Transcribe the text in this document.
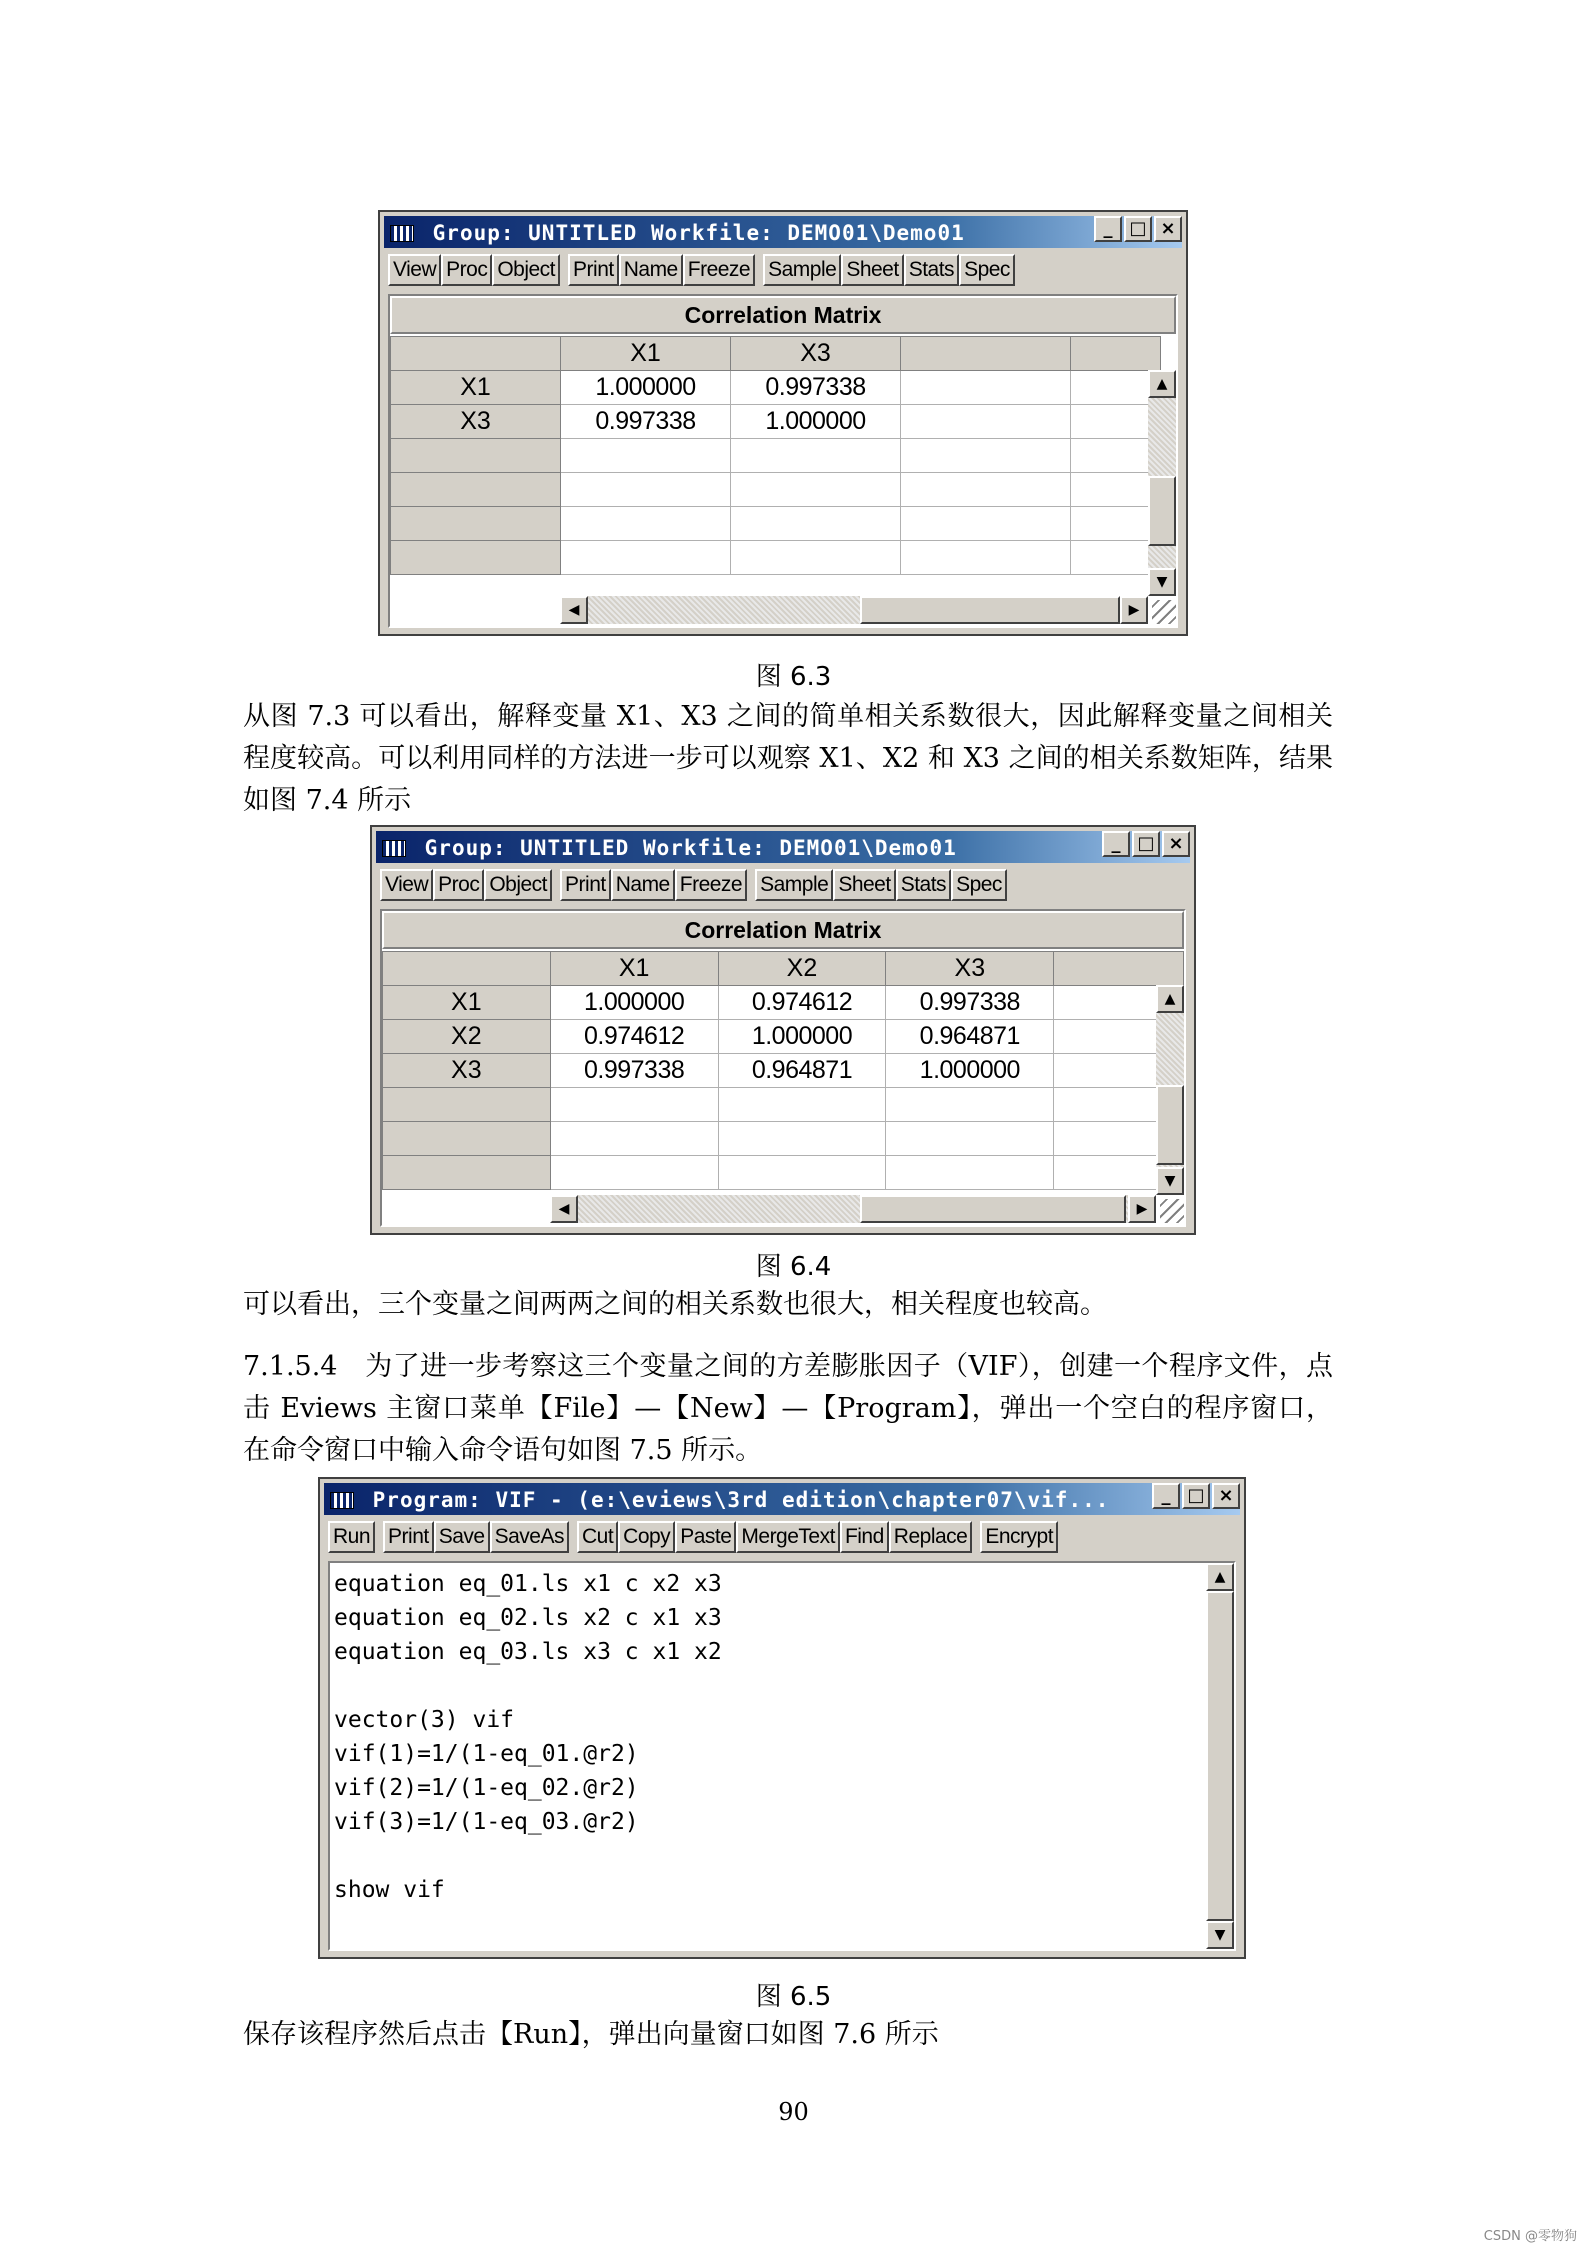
Group: UNTITLED Workfile: DEMO01\Demo01	_ □ ×
View Proc Object Print Name Freeze Sample Sheet Stats Spec
Correlation Matrix
	X1	X3		
X1	1.000000	0.997338		
X3	0.997338	1.000000		

▲
▼
◀	▶
图 6.3
从图 7.3 可以看出，解释变量 X1、X3 之间的简单相关系数很大，因此解释变量之间相关程度较高。可以利用同样的方法进一步可以观察 X1、X2 和 X3 之间的相关系数矩阵，结果如图 7.4 所示
Group: UNTITLED Workfile: DEMO01\Demo01	_ □ ×
View Proc Object Print Name Freeze Sample Sheet Stats Spec
Correlation Matrix
	X1	X2	X3	
X1	1.000000	0.974612	0.997338	
X2	0.974612	1.000000	0.964871	
X3	0.997338	0.964871	1.000000	

▲
▼
◀	▶
图 6.4
可以看出，三个变量之间两两之间的相关系数也很大，相关程度也较高。
7.1.5.4　为了进一步考察这三个变量之间的方差膨胀因子（VIF），创建一个程序文件，点击 Eviews 主窗口菜单【File】—【New】—【Program】，弹出一个空白的程序窗口，在命令窗口中输入命令语句如图 7.5 所示。
Program: VIF - (e:\eviews\3rd edition\chapter07\vif...	_ □ ×
Run Print Save SaveAs Cut Copy Paste MergeText Find Replace Encrypt
equation eq_01.ls x1 c x2 x3
equation eq_02.ls x2 c x1 x3
equation eq_03.ls x3 c x1 x2

vector(3) vif
vif(1)=1/(1-eq_01.@r2)
vif(2)=1/(1-eq_02.@r2)
vif(3)=1/(1-eq_03.@r2)

show vif
▲
▼
图 6.5
保存该程序然后点击【Run】，弹出向量窗口如图 7.6 所示
90
CSDN @零物狗
